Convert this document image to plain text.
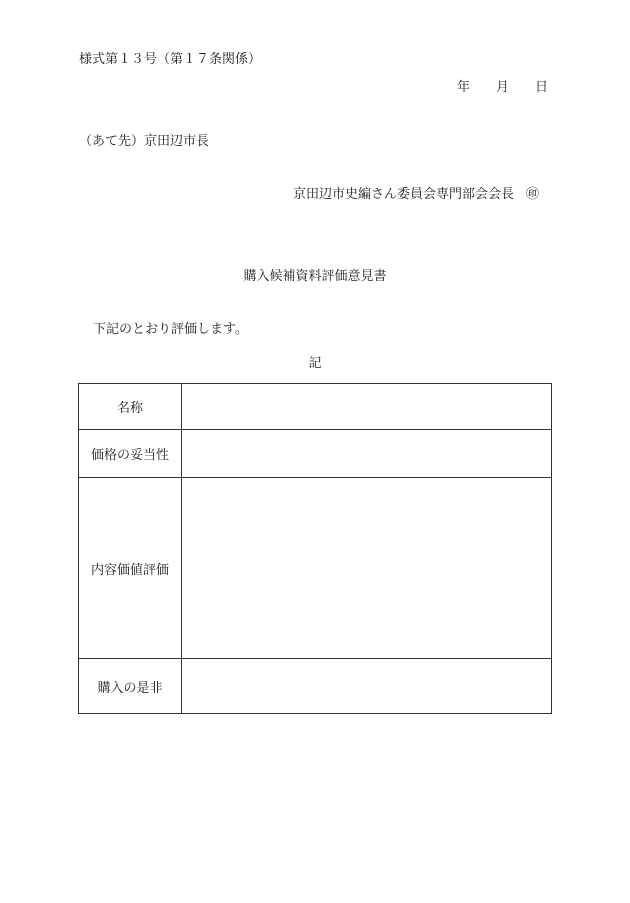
様式第１３号（第１７条関係）
年 月 日
（あて先）京田辺市長
京田辺市史編さん委員会専門部会会長 ㊞
購入候補資料評価意見書
下記のとおり評価します。
記
名称	
価格の妥当性	
内容価値評価	
購入の是非	
